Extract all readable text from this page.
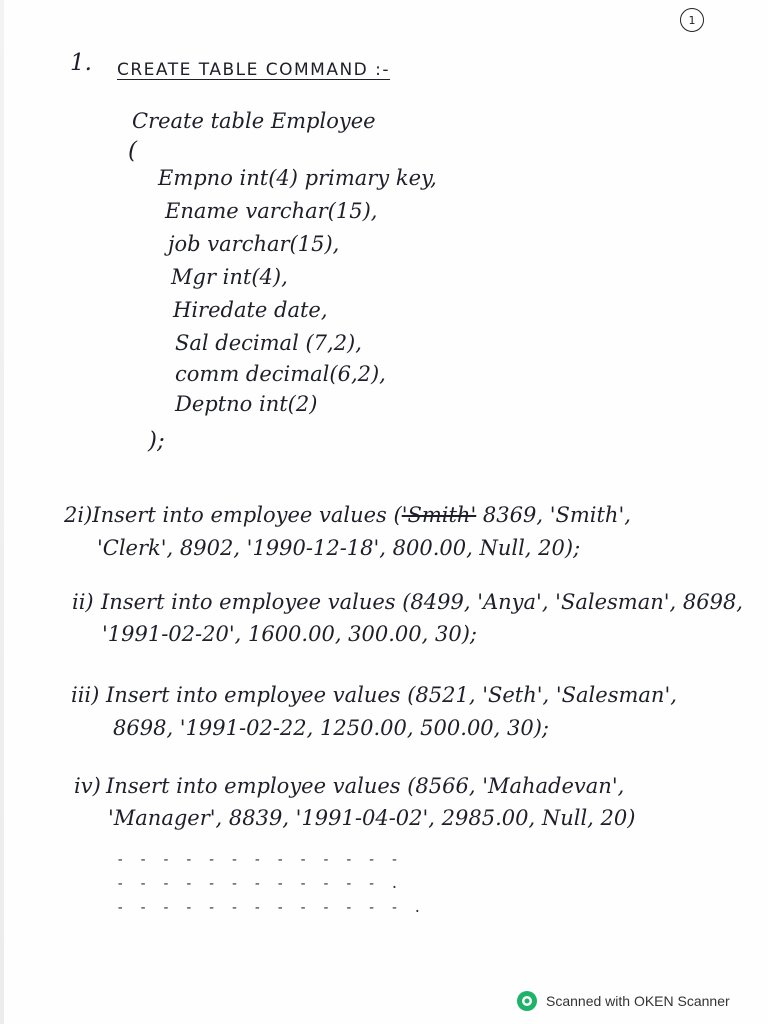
1
1. CREATE TABLE COMMAND :-
Create table Employee
(
Empno int(4) primary key,
Ename varchar(15),
job varchar(15),
Mgr int(4),
Hiredate date,
Sal decimal (7,2),
comm decimal(6,2),
Deptno int(2)
);
2i)Insert into employee values ('Smith' 8369, 'Smith',
'Clerk', 8902, '1990-12-18', 800.00, Null, 20);
ii) Insert into employee values (8499, 'Anya', 'Salesman', 8698,
'1991-02-20', 1600.00, 300.00, 30);
iii) Insert into employee values (8521, 'Seth', 'Salesman',
8698, '1991-02-22, 1250.00, 500.00, 30);
iv) Insert into employee values (8566, 'Mahadevan',
'Manager', 8839, '1991-04-02', 2985.00, Null, 20)
- - - - - - - - - - - - -
- - - - - - - - - - - - .
- - - - - - - - - - - - - .
Scanned with OKEN Scanner
